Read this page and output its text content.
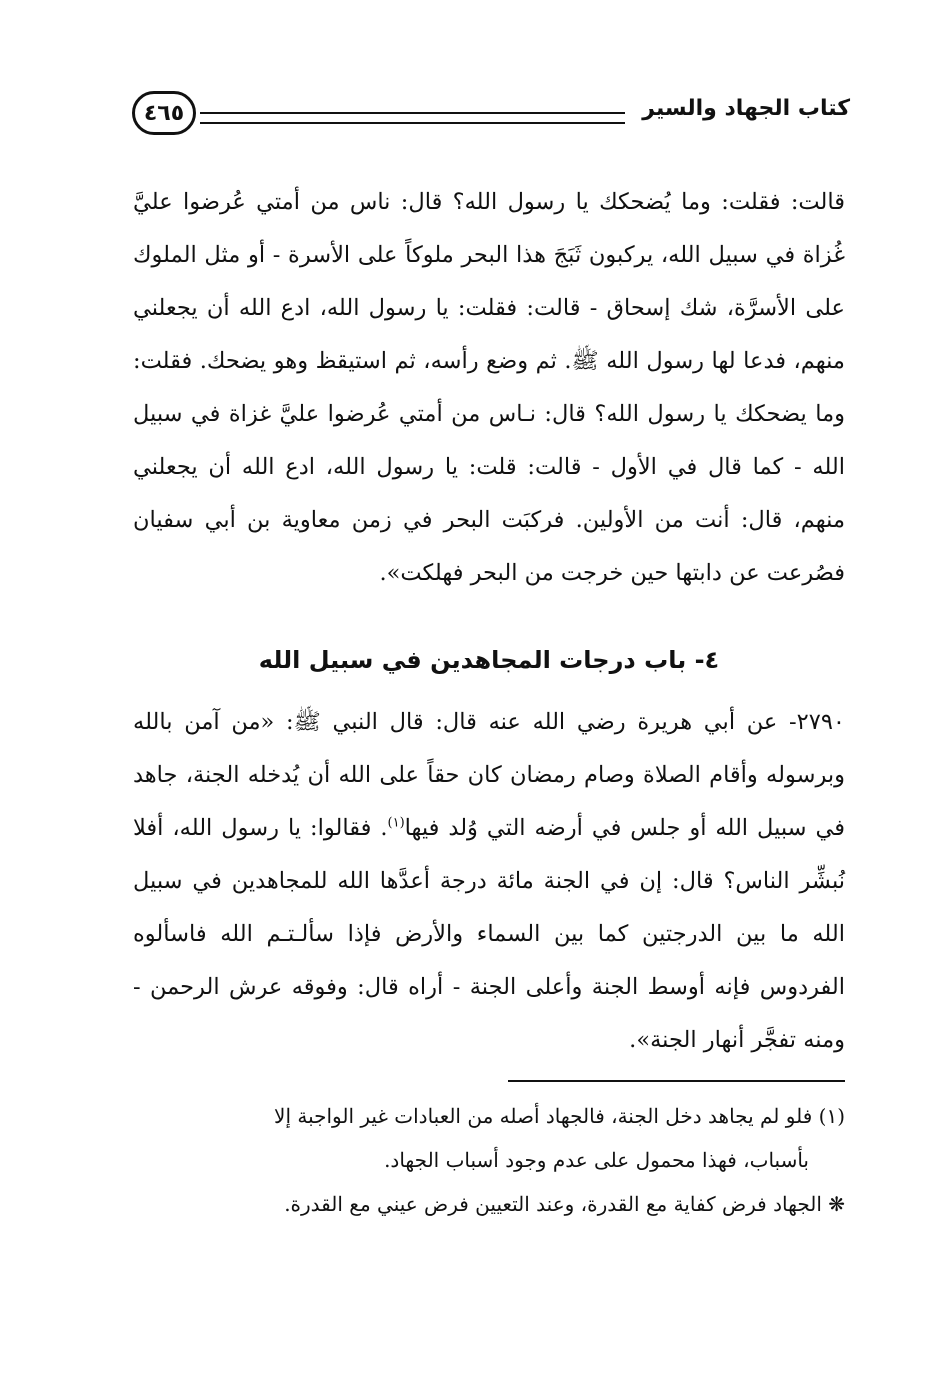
كتاب الجهاد والسير
٤٦٥

قالت: فقلت: وما يُضحكك يا رسول الله؟ قال: ناس من أمتي عُرضوا عليَّ غُزاة في سبيل الله، يركبون ثَبَجَ هذا البحر ملوكاً على الأسرة - أو مثل الملوك على الأسرَّة، شك إسحاق - قالت: فقلت: يا رسول الله، ادع الله أن يجعلني منهم، فدعا لها رسول الله ﷺ. ثم وضع رأسه، ثم استيقظ وهو يضحك. فقلت: وما يضحكك يا رسول الله؟ قال: نـاس من أمتي عُرضوا عليَّ غزاة في سبيل الله - كما قال في الأول - قالت: قلت: يا رسول الله، ادع الله أن يجعلني منهم، قال: أنت من الأولين. فركبَت البحر في زمن معاوية بن أبي سفيان فصُرعت عن دابتها حين خرجت من البحر فهلكت».

٤- باب درجات المجاهدين في سبيل الله

٢٧٩٠- عن أبي هريرة رضي الله عنه قال: قال النبي ﷺ: «من آمن بالله وبرسوله وأقام الصلاة وصام رمضان كان حقاً على الله أن يُدخله الجنة، جاهد في سبيل الله أو جلس في أرضه التي وُلد فيها$^{(١)}$. فقالوا: يا رسول الله، أفلا نُبشِّر الناس؟ قال: إن في الجنة مائة درجة أعدَّها الله للمجاهدين في سبيل الله ما بين الدرجتين كما بين السماء والأرض فإذا سألـتـم الله فاسألوه الفردوس فإنه أوسط الجنة وأعلى الجنة - أراه قال: وفوقه عرش الرحمن - ومنه تفجَّر أنهار الجنة».

(١) فلو لم يجاهد دخل الجنة، فالجهاد أصله من العبادات غير الواجبة إلا

بأسباب، فهذا محمول على عدم وجود أسباب الجهاد.

❋ الجهاد فرض كفاية مع القدرة، وعند التعيين فرض عيني مع القدرة.
